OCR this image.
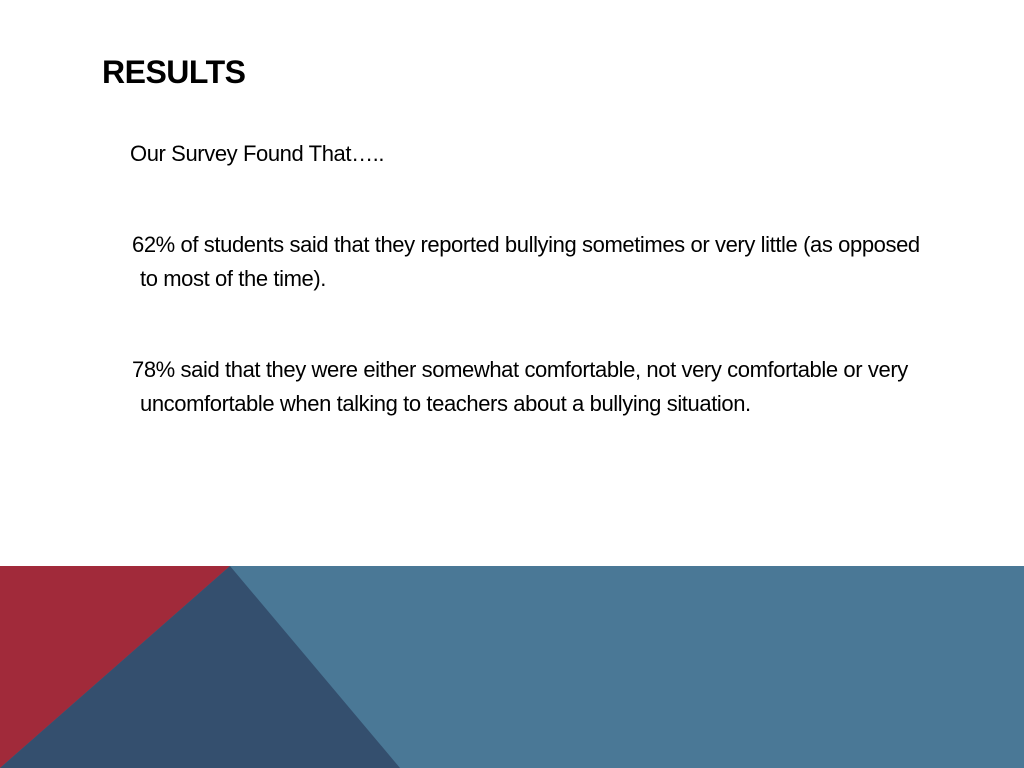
RESULTS

Our Survey Found That…..

62% of students said that they reported bullying sometimes or very little (as opposed to most of the time).

78% said that they were either somewhat comfortable, not very comfortable or very uncomfortable when talking to teachers about a bullying situation.
